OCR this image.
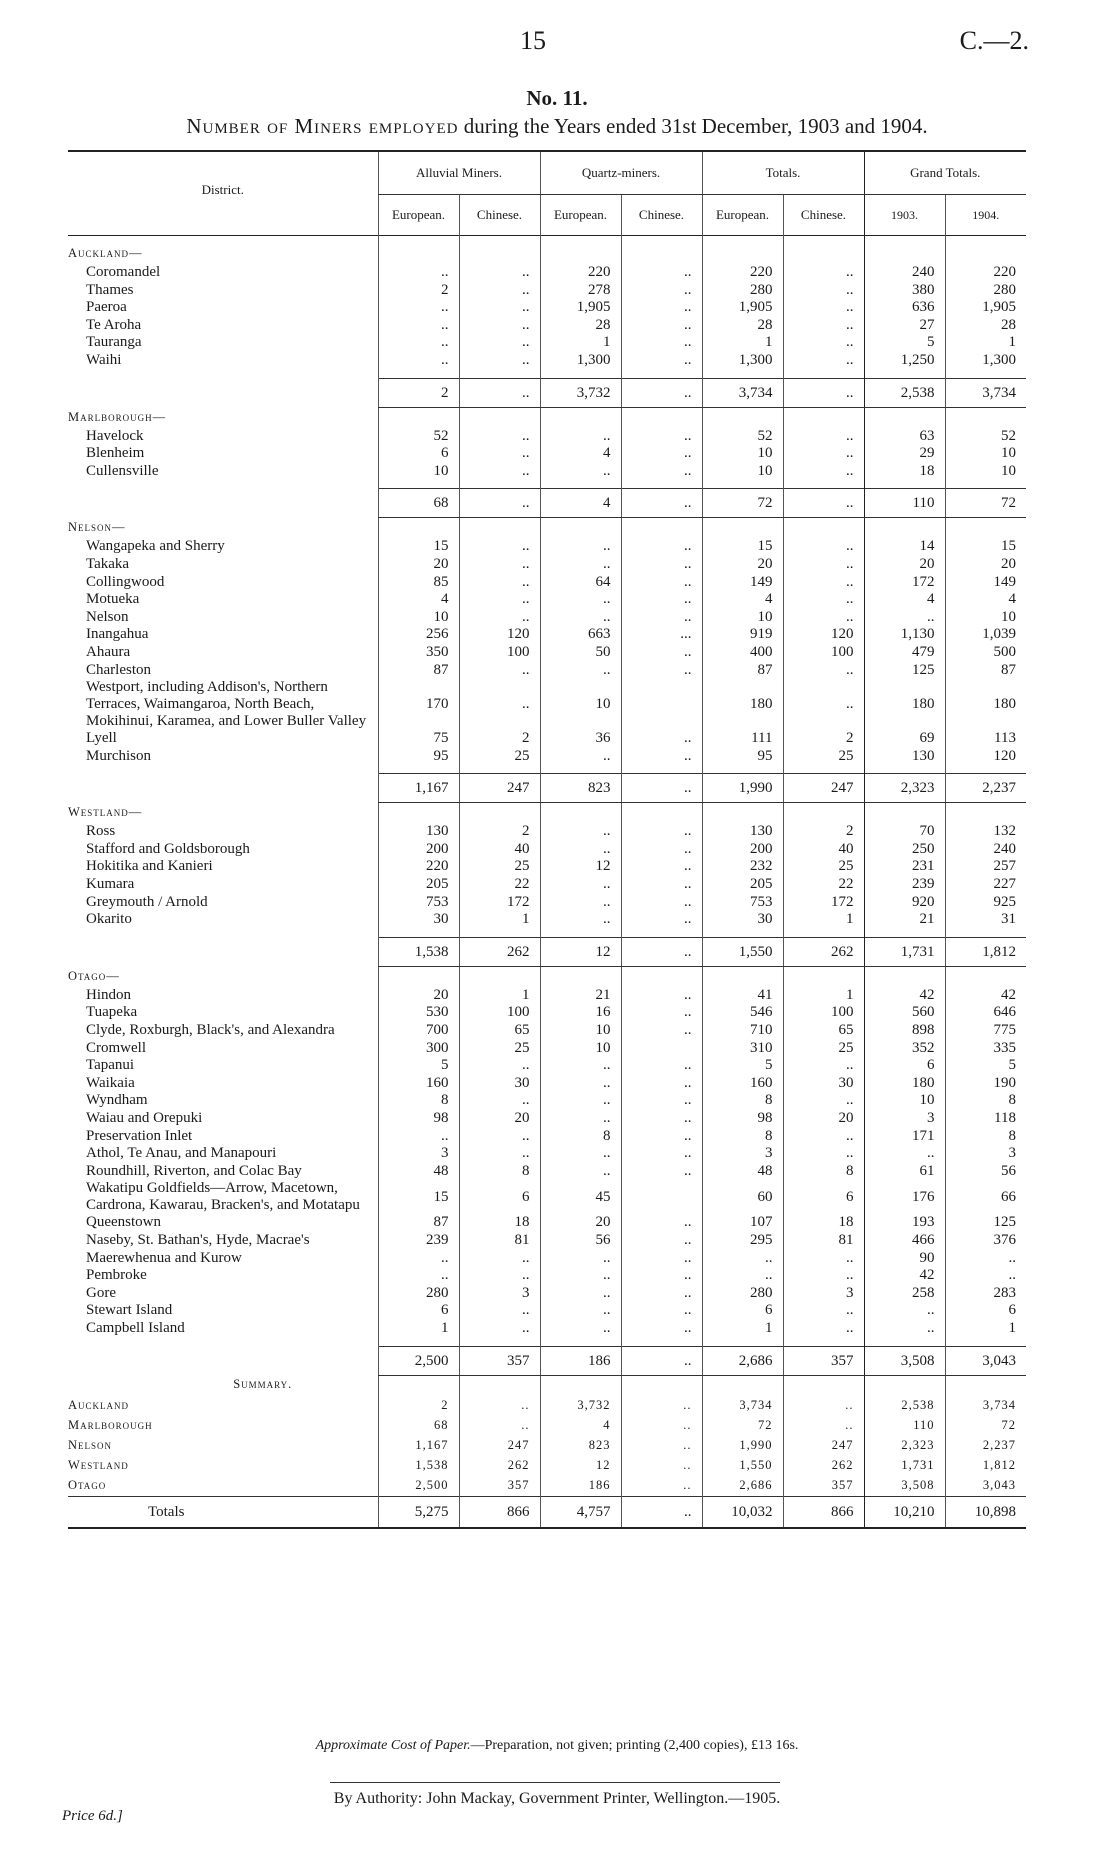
15	C.—2.
No. 11.
Number of Miners employed during the Years ended 31st December, 1903 and 1904.
District.	Alluvial Miners.		Quartz-miners.		Totals.		Grand Totals.	
	European.	Chinese.	European.	Chinese.	European.	Chinese.	1903.	1904.

Auckland—								
Coromandel	..	..	220	..	220	..	240	220
Thames	2	..	278	..	280	..	380	280
Paeroa	..	..	1,905	..	1,905	..	636	1,905
Te Aroha	..	..	28	..	28	..	27	28
Tauranga	..	..	1	..	1	..	5	1
Waihi	..	..	1,300	..	1,300	..	1,250	1,300

	2	..	3,732	..	3,734	..	2,538	3,734
Marlborough—								
Havelock	52	..	..	..	52	..	63	52
Blenheim	6	..	4	..	10	..	29	10
Cullensville	10	..	..	..	10	..	18	10

	68	..	4	..	72	..	110	72
Nelson—								
Wangapeka and Sherry	15	..	..	..	15	..	14	15
Takaka	20	..	..	..	20	..	20	20
Collingwood	85	..	64	..	149	..	172	149
Motueka	4	..	..	..	4	..	4	4
Nelson	10	..	..	..	10	..	..	10
Inangahua	256	120	663	...	919	120	1,130	1,039
Ahaura	350	100	50	..	400	100	479	500
Charleston	87	..	..	..	87	..	125	87
Westport, including Addison's, Northern Terraces, Waimangaroa, North Beach, Mokihinui, Karamea, and Lower Buller Valley	170	..	10		180	..	180	180
Lyell	75	2	36	..	111	2	69	113
Murchison	95	25	..	..	95	25	130	120

	1,167	247	823	..	1,990	247	2,323	2,237
Westland—								
Ross	130	2	..	..	130	2	70	132
Stafford and Goldsborough	200	40	..	..	200	40	250	240
Hokitika and Kanieri	220	25	12	..	232	25	231	257
Kumara	205	22	..	..	205	22	239	227
Greymouth / Arnold	753	172	..	..	753	172	920	925
Okarito	30	1	..	..	30	1	21	31

	1,538	262	12	..	1,550	262	1,731	1,812
Otago—								
Hindon	20	1	21	..	41	1	42	42
Tuapeka	530	100	16	..	546	100	560	646
Clyde, Roxburgh, Black's, and Alexandra	700	65	10	..	710	65	898	775
Cromwell	300	25	10		310	25	352	335
Tapanui	5	..	..	..	5	..	6	5
Waikaia	160	30	..	..	160	30	180	190
Wyndham	8	..	..	..	8	..	10	8
Waiau and Orepuki	98	20	..	..	98	20	3	118
Preservation Inlet	..	..	8	..	8	..	171	8
Athol, Te Anau, and Manapouri	3	..	..	..	3	..	..	3
Roundhill, Riverton, and Colac Bay	48	8	..	..	48	8	61	56
Wakatipu Goldfields—Arrow, Macetown, Cardrona, Kawarau, Bracken's, and Motatapu	15	6	45		60	6	176	66
Queenstown	87	18	20	..	107	18	193	125
Naseby, St. Bathan's, Hyde, Macrae's	239	81	56	..	295	81	466	376
Maerewhenua and Kurow	..	..	..	..	..	..	90	..
Pembroke	..	..	..	..	..	..	42	..
Gore	280	3	..	..	280	3	258	283
Stewart Island	6	..	..	..	6	..	..	6
Campbell Island	1	..	..	..	1	..	..	1

	2,500	357	186	..	2,686	357	3,508	3,043
Summary.								
Auckland	2	..	3,732	..	3,734	..	2,538	3,734
Marlborough	68	..	4	..	72	..	110	72
Nelson	1,167	247	823	..	1,990	247	2,323	2,237
Westland	1,538	262	12	..	1,550	262	1,731	1,812
Otago	2,500	357	186	..	2,686	357	3,508	3,043
Totals	5,275	866	4,757	..	10,032	866	10,210	10,898
Approximate Cost of Paper.—Preparation, not given; printing (2,400 copies), £13 16s.
By Authority: John Mackay, Government Printer, Wellington.—1905.
Price 6d.]
